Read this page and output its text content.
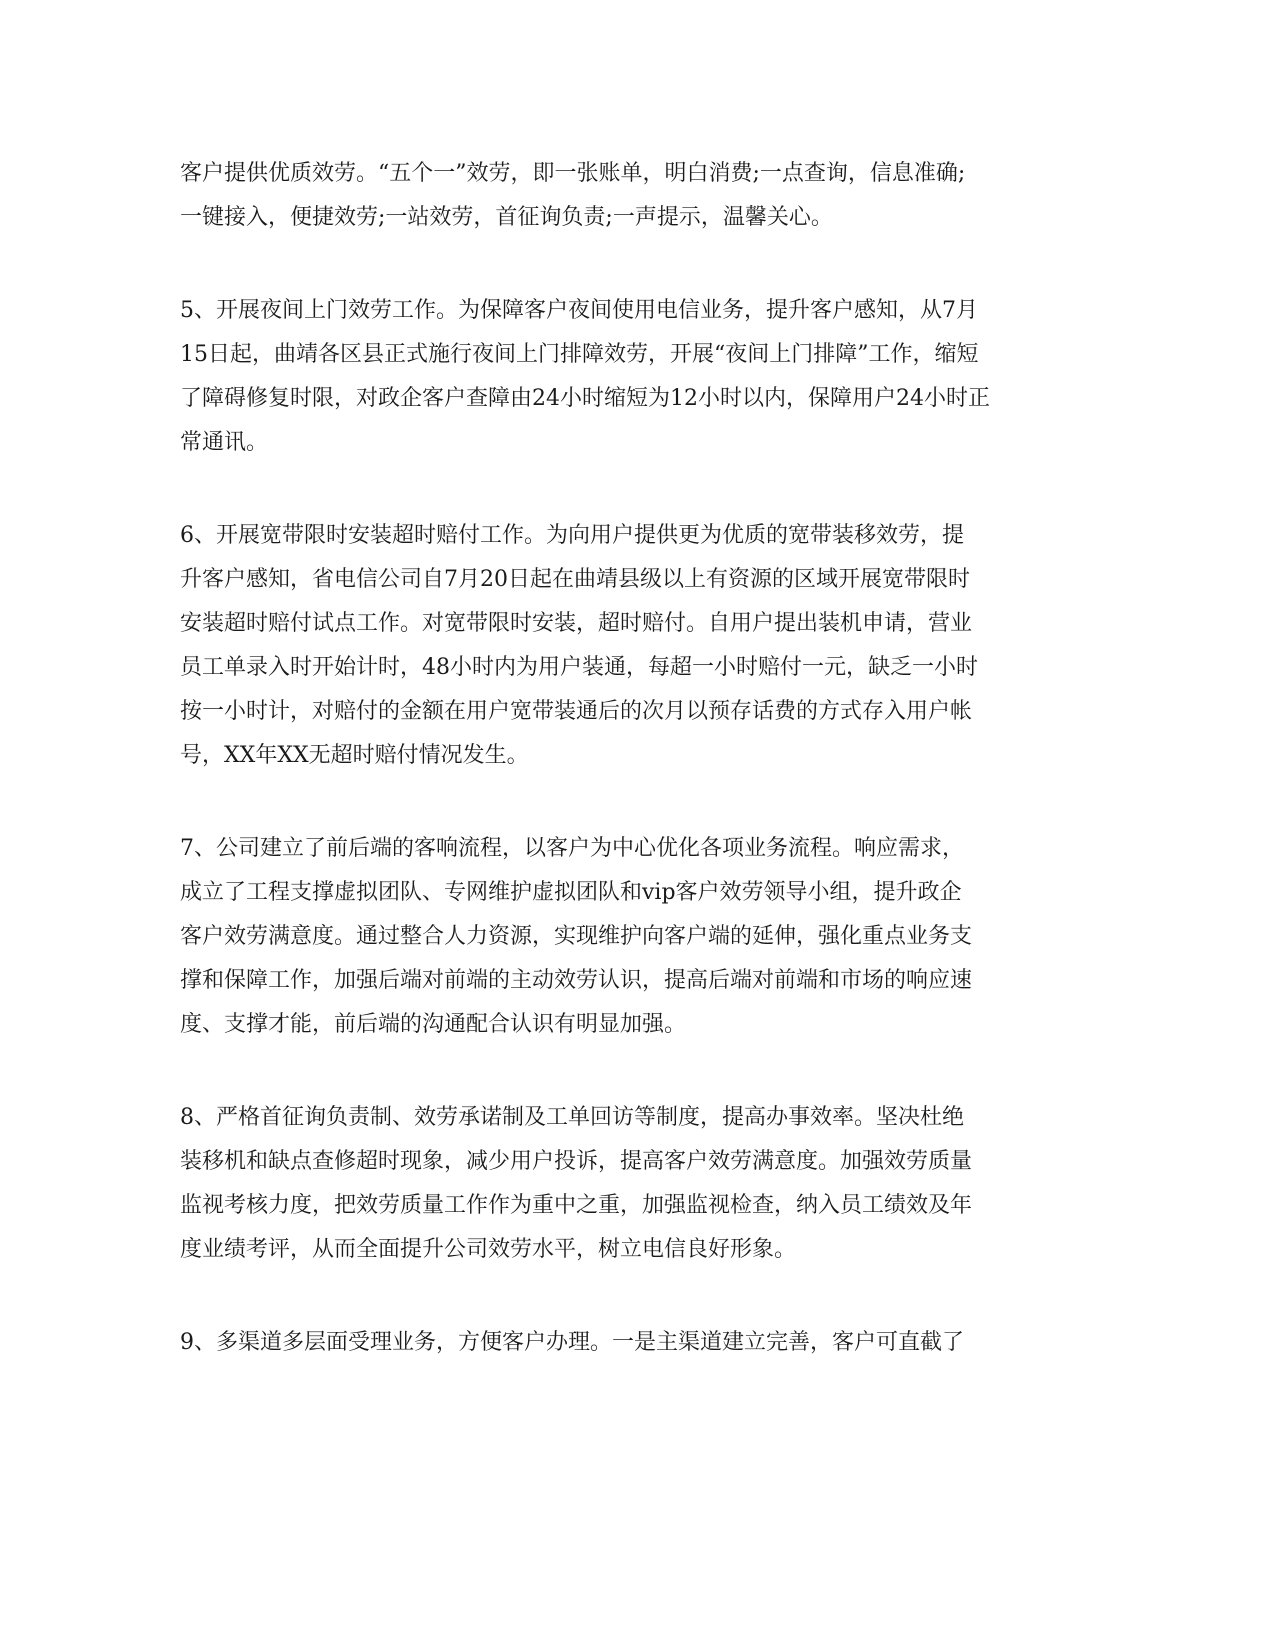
客户提供优质效劳。“五个一”效劳，即一张账单，明白消费;一点查询，信息准确;
一键接入，便捷效劳;一站效劳，首征询负责;一声提示，温馨关心。

5、开展夜间上门效劳工作。为保障客户夜间使用电信业务，提升客户感知，从7月
15日起，曲靖各区县正式施行夜间上门排障效劳，开展“夜间上门排障”工作，缩短
了障碍修复时限，对政企客户查障由24小时缩短为12小时以内，保障用户24小时正
常通讯。

6、开展宽带限时安装超时赔付工作。为向用户提供更为优质的宽带装移效劳，提
升客户感知，省电信公司自7月20日起在曲靖县级以上有资源的区域开展宽带限时
安装超时赔付试点工作。对宽带限时安装，超时赔付。自用户提出装机申请，营业
员工单录入时开始计时，48小时内为用户装通，每超一小时赔付一元，缺乏一小时
按一小时计，对赔付的金额在用户宽带装通后的次月以预存话费的方式存入用户帐
号，XX年XX无超时赔付情况发生。

7、公司建立了前后端的客响流程，以客户为中心优化各项业务流程。响应需求，
成立了工程支撑虚拟团队、专网维护虚拟团队和vip客户效劳领导小组，提升政企
客户效劳满意度。通过整合人力资源，实现维护向客户端的延伸，强化重点业务支
撑和保障工作，加强后端对前端的主动效劳认识，提高后端对前端和市场的响应速
度、支撑才能，前后端的沟通配合认识有明显加强。

8、严格首征询负责制、效劳承诺制及工单回访等制度，提高办事效率。坚决杜绝
装移机和缺点查修超时现象，减少用户投诉，提高客户效劳满意度。加强效劳质量
监视考核力度，把效劳质量工作作为重中之重，加强监视检查，纳入员工绩效及年
度业绩考评，从而全面提升公司效劳水平，树立电信良好形象。

9、多渠道多层面受理业务，方便客户办理。一是主渠道建立完善，客户可直截了
